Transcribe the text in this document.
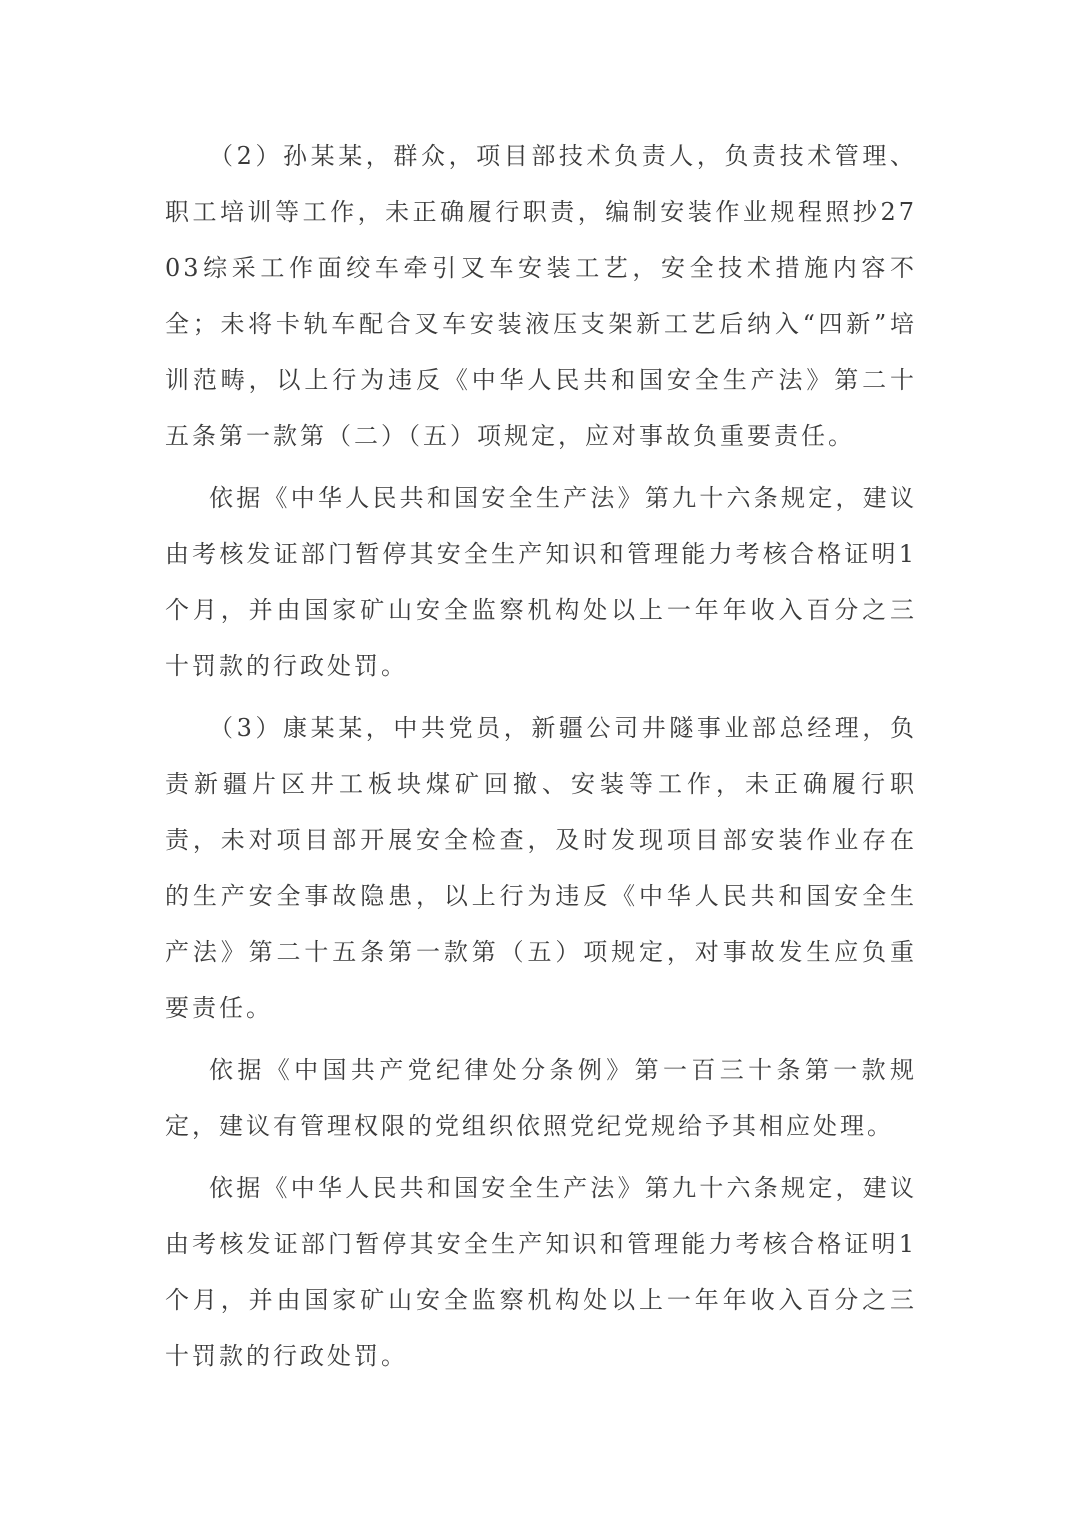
（2）孙某某，群众，项目部技术负责人，负责技术管理、职工培训等工作，未正确履行职责，编制安装作业规程照抄2703综采工作面绞车牵引叉车安装工艺，安全技术措施内容不全；未将卡轨车配合叉车安装液压支架新工艺后纳入“四新”培训范畴，以上行为违反《中华人民共和国安全生产法》第二十五条第一款第（二）（五）项规定，应对事故负重要责任。

依据《中华人民共和国安全生产法》第九十六条规定，建议由考核发证部门暂停其安全生产知识和管理能力考核合格证明1个月，并由国家矿山安全监察机构处以上一年年收入百分之三十罚款的行政处罚。

（3）康某某，中共党员，新疆公司井隧事业部总经理，负责新疆片区井工板块煤矿回撤、安装等工作，未正确履行职责，未对项目部开展安全检查，及时发现项目部安装作业存在的生产安全事故隐患，以上行为违反《中华人民共和国安全生产法》第二十五条第一款第（五）项规定，对事故发生应负重要责任。

依据《中国共产党纪律处分条例》第一百三十条第一款规定，建议有管理权限的党组织依照党纪党规给予其相应处理。

依据《中华人民共和国安全生产法》第九十六条规定，建议由考核发证部门暂停其安全生产知识和管理能力考核合格证明1个月，并由国家矿山安全监察机构处以上一年年收入百分之三十罚款的行政处罚。
